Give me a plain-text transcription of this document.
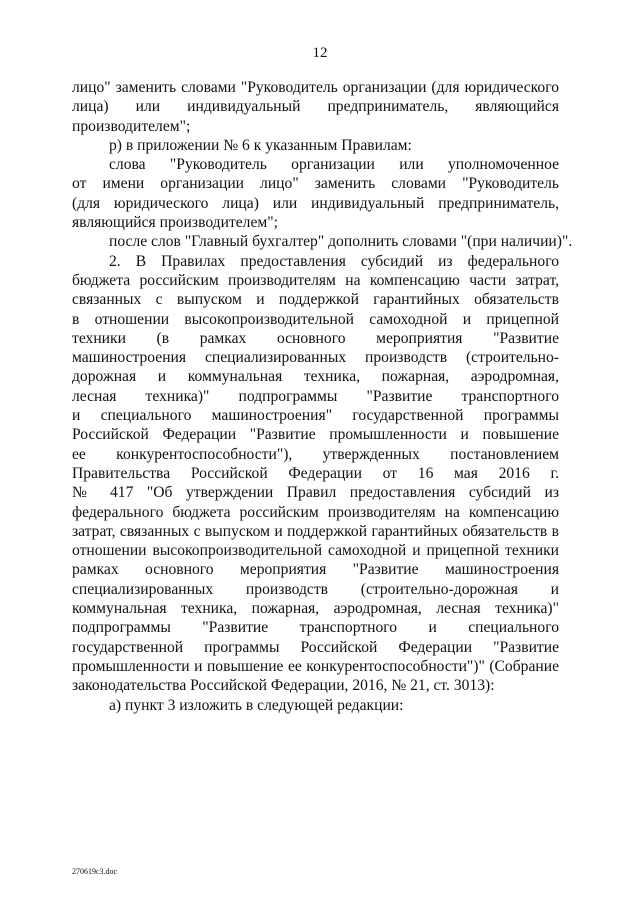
12
лицо" заменить словами "Руководитель организации (для юридического
лица) или индивидуальный предприниматель, являющийся
производителем";
р) в приложении № 6 к указанным Правилам:
слова "Руководитель организации или уполномоченное
от имени организации лицо" заменить словами "Руководитель
(для юридического лица) или индивидуальный предприниматель,
являющийся производителем";
после слов "Главный бухгалтер" дополнить словами "(при наличии)".
2. В Правилах предоставления субсидий из федерального
бюджета российским производителям на компенсацию части затрат,
связанных с выпуском и поддержкой гарантийных обязательств
в отношении высокопроизводительной самоходной и прицепной
техники (в рамках основного мероприятия "Развитие
машиностроения специализированных производств (строительно-
дорожная и коммунальная техника, пожарная, аэродромная,
лесная техника)" подпрограммы "Развитие транспортного
и специального машиностроения" государственной программы
Российской Федерации "Развитие промышленности и повышение
ее конкурентоспособности"), утвержденных постановлением
Правительства Российской Федерации от 16 мая 2016 г.
№ 417 "Об утверждении Правил предоставления субсидий из
федерального бюджета российским производителям на компенсацию
затрат, связанных с выпуском и поддержкой гарантийных обязательств в
отношении высокопроизводительной самоходной и прицепной техники
рамках основного мероприятия "Развитие машиностроения
специализированных производств (строительно-дорожная и
коммунальная техника, пожарная, аэродромная, лесная техника)"
подпрограммы "Развитие транспортного и специального
государственной программы Российской Федерации "Развитие
промышленности и повышение ее конкурентоспособности")" (Собрание
законодательства Российской Федерации, 2016, № 21, ст. 3013):
а) пункт 3 изложить в следующей редакции:
270619c3.doc
